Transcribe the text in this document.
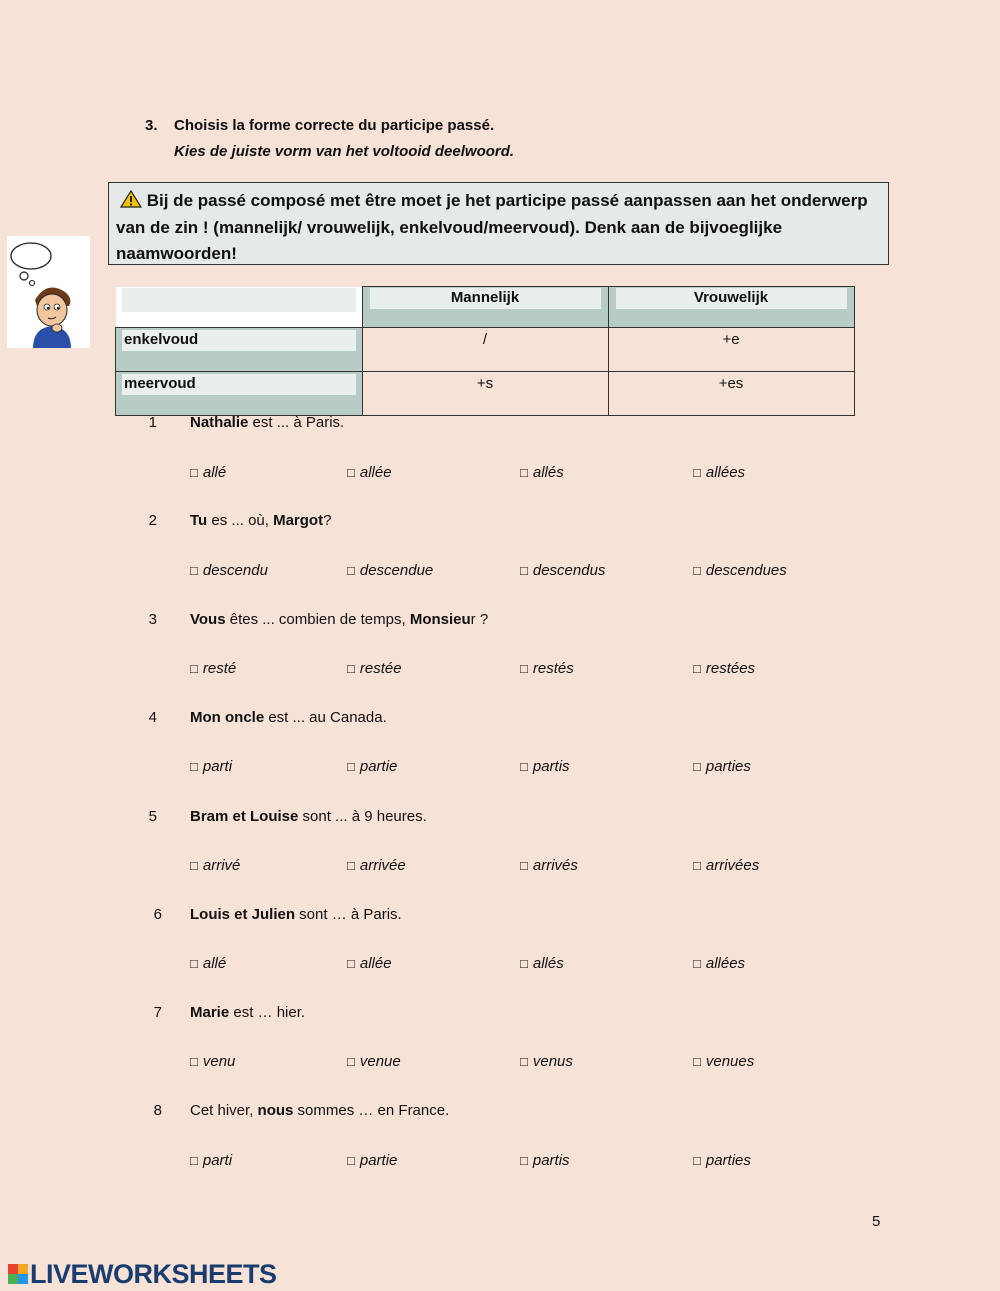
3. Choisis la forme correcte du participe passé.
Kies de juiste vorm van het voltooid deelwoord.
Bij de passé composé met être moet je het participe passé aanpassen aan het onderwerp van de zin ! (mannelijk/ vrouwelijk, enkelvoud/meervoud). Denk aan de bijvoeglijke naamwoorden!

	Mannelijk	Vrouwelijk

enkelvoud	/	+e

meervoud	+s	+es
1 Nathalie est ... à Paris.
□ allé	□ allée	□ allés	□ allées
2 Tu es ... où, Margot?
□ descendu	□ descendue	□ descendus	□ descendues
3 Vous êtes ... combien de temps, Monsieur ?
□ resté	□ restée	□ restés	□ restées
4 Mon oncle est ... au Canada.
□ parti	□ partie	□ partis	□ parties
5 Bram et Louise sont ... à 9 heures.
□ arrivé	□ arrivée	□ arrivés	□ arrivées
6 Louis et Julien sont … à Paris.
□ allé	□ allée	□ allés	□ allées
7 Marie est … hier.
□ venu	□ venue	□ venus	□ venues
8 Cet hiver, nous sommes … en France.
□ parti	□ partie	□ partis	□ parties
5
LIVEWORKSHEETS
